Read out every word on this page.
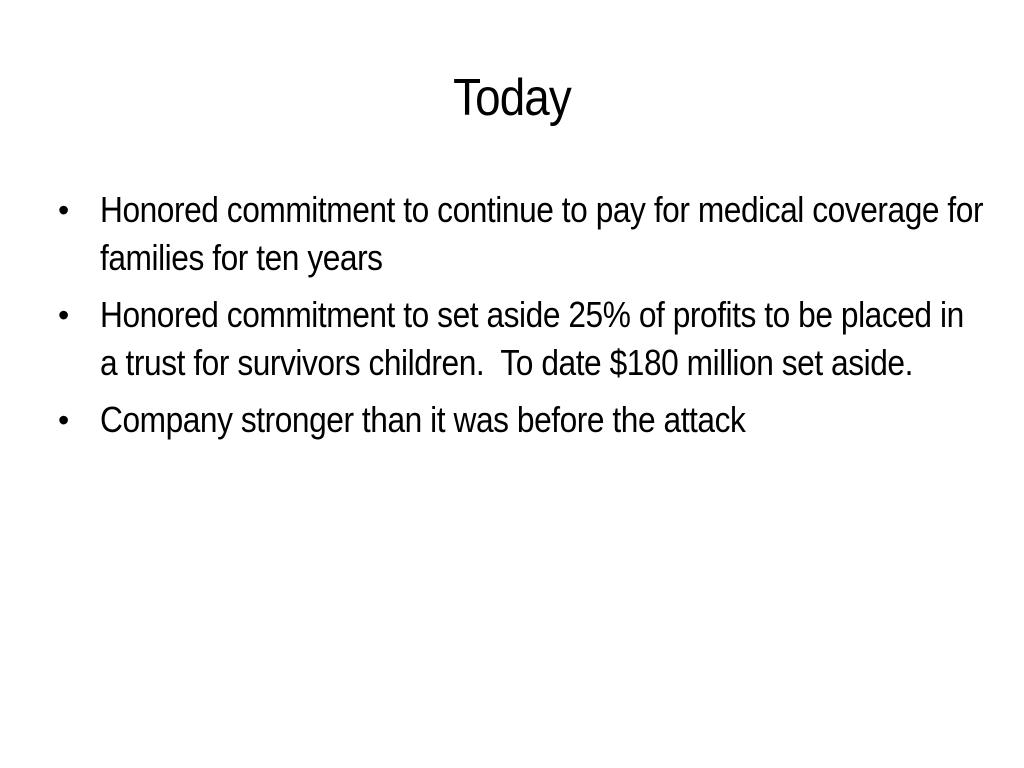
Today
• Honored commitment to continue to pay for medical coverage for families for ten years
• Honored commitment to set aside 25% of profits to be placed in a trust for survivors children.  To date $180 million set aside.
• Company stronger than it was before the attack
